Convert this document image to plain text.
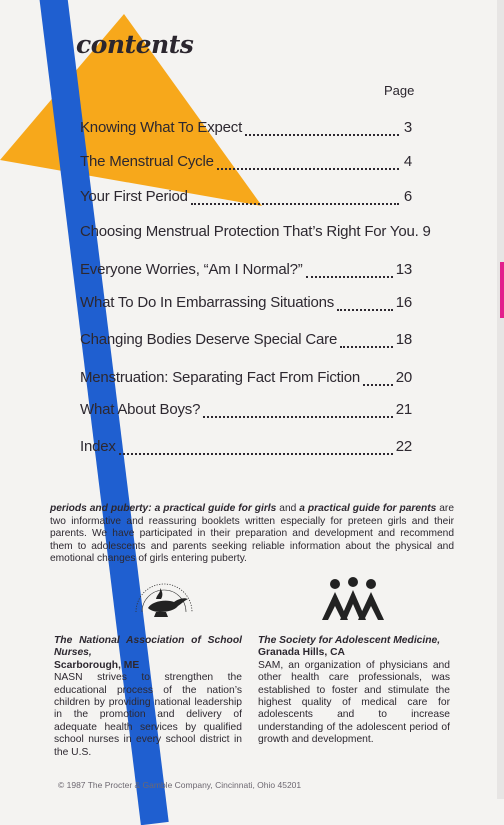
contents
Page
Knowing What To Expect	3
The Menstrual Cycle	4
Your First Period	6
Choosing Menstrual Protection That’s Right For You. 9
Everyone Worries, “Am I Normal?”	13
What To Do In Embarrassing Situations	16
Changing Bodies Deserve Special Care	18
Menstruation: Separating Fact From Fiction 20
What About Boys?	21
Index	22
periods and puberty: a practical guide for girls and a practical guide for parents are two informative and reassuring booklets written especially for preteen girls and their parents. We have participated in their preparation and development and recommend them to adolescents and parents seeking reliable information about the physical and emotional changes of girls entering puberty.
The National Association of School Nurses,
Scarborough, ME
NASN strives to strengthen the educational process of the nation’s children by providing national leadership in the promotion and delivery of adequate health services by qualified school nurses in every school district in the U.S.
The Society for Adolescent Medicine,
Granada Hills, CA
SAM, an organization of physicians and other health care professionals, was established to foster and stimulate the highest quality of medical care for adolescents and to increase understanding of the adolescent period of growth and development.
© 1987 The Procter & Gamble Company, Cincinnati, Ohio 45201
